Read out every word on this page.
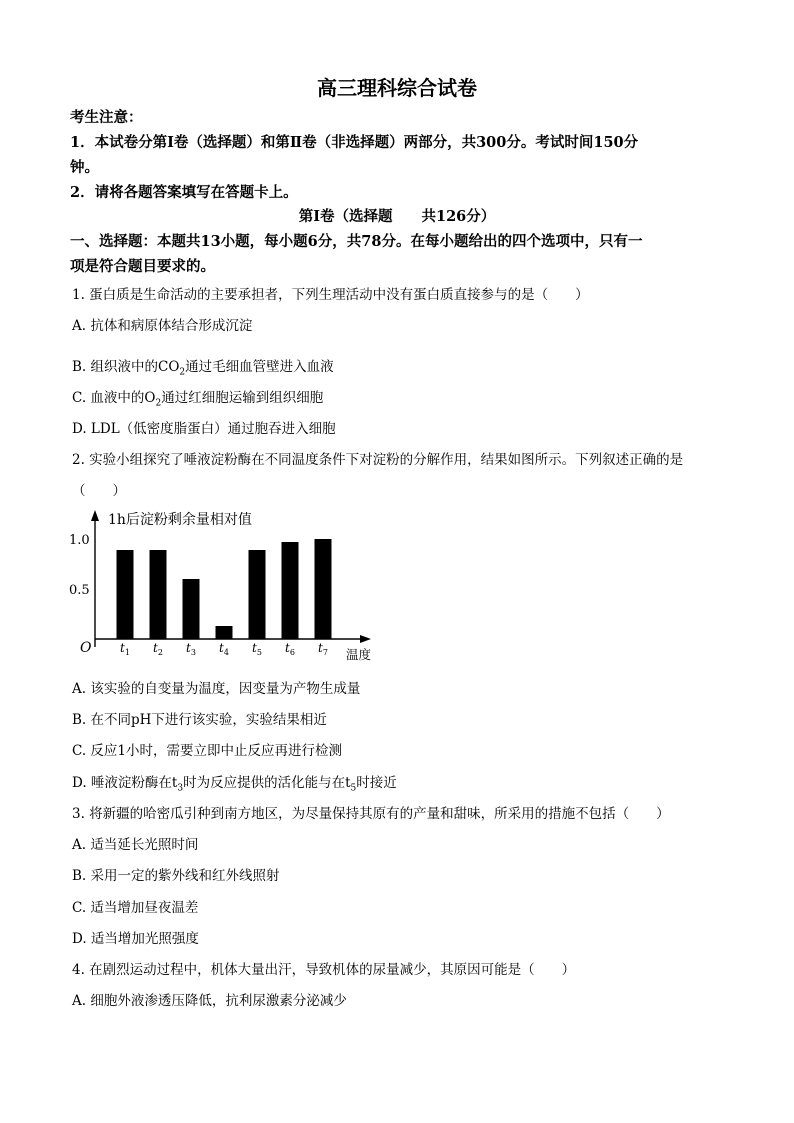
高三理科综合试卷
考生注意：
1．本试卷分第Ⅰ卷（选择题）和第Ⅱ卷（非选择题）两部分，共300分。考试时间150分
钟。
2．请将各题答案填写在答题卡上。
第Ⅰ卷（选择题　　共126分）
一、选择题：本题共13小题，每小题6分，共78分。在每小题给出的四个选项中，只有一
项是符合题目要求的。
1. 蛋白质是生命活动的主要承担者，下列生理活动中没有蛋白质直接参与的是（　　）
A. 抗体和病原体结合形成沉淀
B. 组织液中的$CO_2$通过毛细血管壁进入血液
C. 血液中的$O_2$通过红细胞运输到组织细胞
D. LDL（低密度脂蛋白）通过胞吞进入细胞
2. 实验小组探究了唾液淀粉酶在不同温度条件下对淀粉的分解作用，结果如图所示。下列叙述正确的是
（　　）
1h后淀粉剩余量相对值
温度
O
1.0
0.5
$t_1$ $t_2$ $t_3$ $t_4$ $t_5$ $t_6$ $t_7$
A. 该实验的自变量为温度，因变量为产物生成量
B. 在不同pH下进行该实验，实验结果相近
C. 反应1小时，需要立即中止反应再进行检测
D. 唾液淀粉酶在$t_3$时为反应提供的活化能与在$t_5$时接近
3. 将新疆的哈密瓜引种到南方地区，为尽量保持其原有的产量和甜味，所采用的措施不包括（　　）
A. 适当延长光照时间
B. 采用一定的紫外线和红外线照射
C. 适当增加昼夜温差
D. 适当增加光照强度
4. 在剧烈运动过程中，机体大量出汗，导致机体的尿量减少，其原因可能是（　　）
A. 细胞外液渗透压降低，抗利尿激素分泌减少
